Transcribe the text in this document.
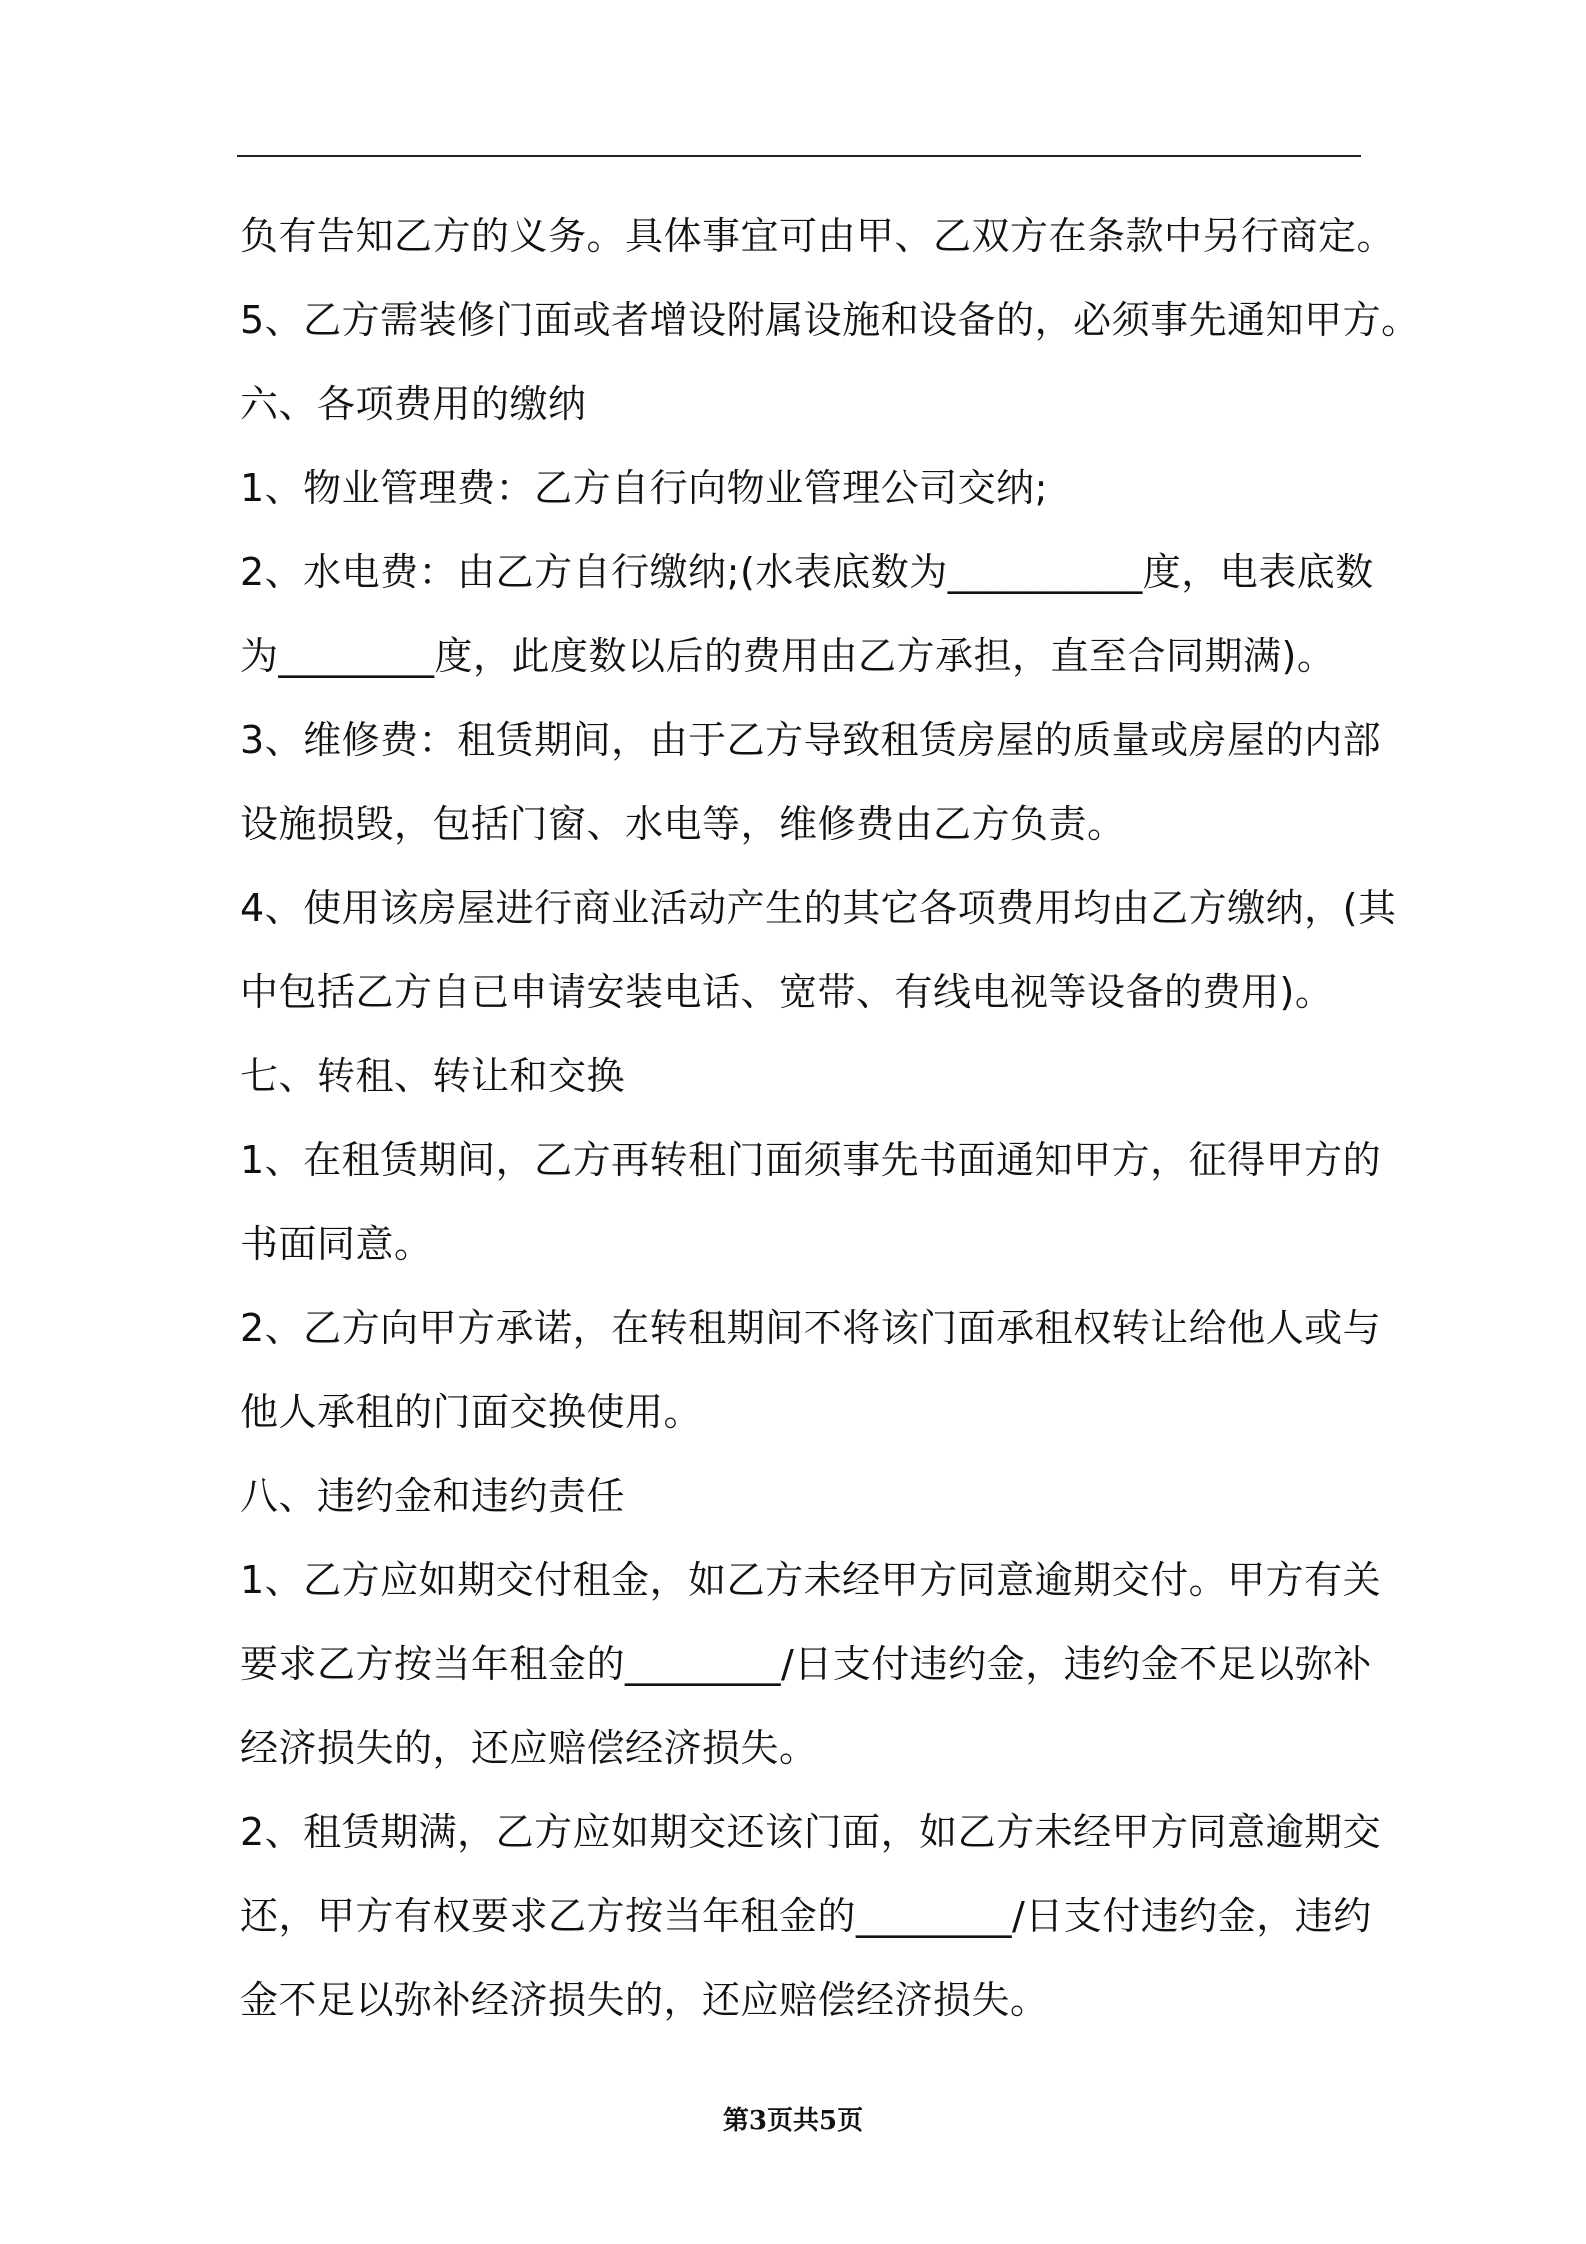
负有告知乙方的义务。具体事宜可由甲、乙双方在条款中另行商定。
5、乙方需装修门面或者增设附属设施和设备的，必须事先通知甲方。
六、各项费用的缴纳
1、物业管理费：乙方自行向物业管理公司交纳;
2、水电费：由乙方自行缴纳;(水表底数为__________度，电表底数
为________度，此度数以后的费用由乙方承担，直至合同期满)。
3、维修费：租赁期间，由于乙方导致租赁房屋的质量或房屋的内部
设施损毁，包括门窗、水电等，维修费由乙方负责。
4、使用该房屋进行商业活动产生的其它各项费用均由乙方缴纳，(其
中包括乙方自已申请安装电话、宽带、有线电视等设备的费用)。
七、转租、转让和交换
1、在租赁期间，乙方再转租门面须事先书面通知甲方，征得甲方的
书面同意。
2、乙方向甲方承诺，在转租期间不将该门面承租权转让给他人或与
他人承租的门面交换使用。
八、违约金和违约责任
1、乙方应如期交付租金，如乙方未经甲方同意逾期交付。甲方有关
要求乙方按当年租金的________/日支付违约金，违约金不足以弥补
经济损失的，还应赔偿经济损失。
2、租赁期满，乙方应如期交还该门面，如乙方未经甲方同意逾期交
还，甲方有权要求乙方按当年租金的________/日支付违约金，违约
金不足以弥补经济损失的，还应赔偿经济损失。
第3页共5页
